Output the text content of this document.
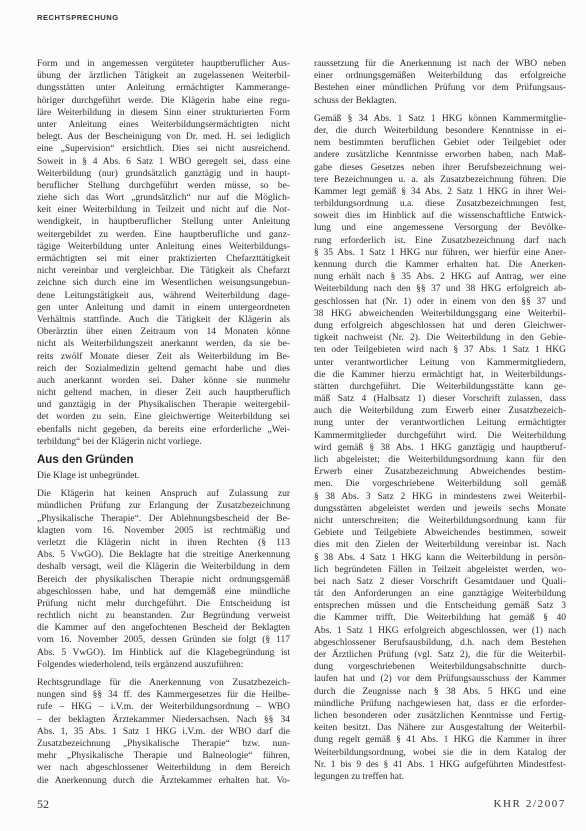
RECHTSPRECHUNG
Form und in angemessen vergüteter hauptberuflicher Aus-
übung der ärztlichen Tätigkeit an zugelassenen Weiterbil-
dungsstätten unter Anleitung ermächtigter Kammerange-
höriger durchgeführt werde. Die Klägerin habe eine regu-
läre Weiterbildung in diesem Sinn einer strukturierten Form
unter Anleitung eines Weiterbildungsermächtigten nicht
belegt. Aus der Bescheinigung von Dr. med. H. sei lediglich
eine „Supervision“ ersichtlich. Dies sei nicht ausreichend.
Soweit in § 4 Abs. 6 Satz 1 WBO geregelt sei, dass eine
Weiterbildung (nur) grundsätzlich ganztägig und in haupt-
beruflicher Stellung durchgeführt werden müsse, so be-
ziehe sich das Wort „grundsätzlich“ nur auf die Möglich-
keit einer Weiterbildung in Teilzeit und nicht auf die Not-
wendigkeit, in hauptberuflicher Stellung unter Anleitung
weitergebildet zu werden. Eine hauptberufliche und ganz-
tägige Weiterbildung unter Anleitung eines Weiterbildungs-
ermächtigten sei mit einer praktizierten Chefarzttätigkeit
nicht vereinbar und vergleichbar. Die Tätigkeit als Chefarzt
zeichne sich durch eine im Wesentlichen weisungsungebun-
dene Leitungstätigkeit aus, während Weiterbildung dage-
gen unter Anleitung und damit in einem untergeordneten
Verhältnis stattfinde. Auch die Tätigkeit der Klägerin als
Oberärztin über einen Zeitraum von 14 Monaten könne
nicht als Weiterbildungszeit anerkannt werden, da sie be-
reits zwölf Monate dieser Zeit als Weiterbildung im Be-
reich der Sozialmedizin geltend gemacht habe und dies
auch anerkannt worden sei. Daher könne sie nunmehr
nicht geltend machen, in dieser Zeit auch hauptberuflich
und ganztägig in der Physikalischen Therapie weitergebil-
det worden zu sein. Eine gleichwertige Weiterbildung sei
ebenfalls nicht gegeben, da bereits eine erforderliche „Wei-
terbildung“ bei der Klägerin nicht vorliege.
Aus den Gründen
Die Klage ist unbegründet.
Die Klägerin hat keinen Anspruch auf Zulassung zur
mündlichen Prüfung zur Erlangung der Zusatzbezeichnung
„Physikalische Therapie“. Der Ablehnungsbescheid der Be-
klagten vom 16. November 2005 ist rechtmäßig und
verletzt die Klägerin nicht in ihren Rechten (§ 113
Abs. 5 VwGO). Die Beklagte hat die streitige Anerkennung
deshalb versagt, weil die Klägerin die Weiterbildung in dem
Bereich der physikalischen Therapie nicht ordnungsgemäß
abgeschlossen habe, und hat demgemäß eine mündliche
Prüfung nicht mehr durchgeführt. Die Entscheidung ist
rechtlich nicht zu beanstanden. Zur Begründung verweist
die Kammer auf den angefochtenen Bescheid der Beklagten
vom 16. November 2005, dessen Gründen sie folgt (§ 117
Abs. 5 VwGO). Im Hinblick auf die Klagebegründung ist
Folgendes wiederholend, teils ergänzend auszuführen:
Rechtsgrundlage für die Anerkennung von Zusatzbezeich-
nungen sind §§ 34 ff. des Kammergesetzes für die Heilbe-
rufe – HKG – i.V.m. der Weiterbildungsordnung – WBO
– der beklagten Ärztekammer Niedersachsen. Nach §§ 34
Abs. 1, 35 Abs. 1 Satz 1 HKG i.V.m. der WBO darf die
Zusatzbezeichnung „Physikalische Therapie“ bzw. nun-
mehr „Physikalische Therapie und Balneologie“ führen,
wer nach abgeschlossener Weiterbildung in dem Bereich
die Anerkennung durch die Ärztekammer erhalten hat. Vo-
raussetzung für die Anerkennung ist nach der WBO neben
einer ordnungsgemäßen Weiterbildung das erfolgreiche
Bestehen einer mündlichen Prüfung vor dem Prüfungsaus-
schuss der Beklagten.
Gemäß § 34 Abs. 1 Satz 1 HKG können Kammermitglie-
der, die durch Weiterbildung besondere Kenntnisse in ei-
nem bestimmten beruflichen Gebiet oder Teilgebiet oder
andere zusätzliche Kenntnisse erworben haben, nach Maß-
gabe dieses Gesetzes neben ihrer Berufsbezeichnung wei-
tere Bezeichnungen u. a. als Zusatzbezeichnung führen. Die
Kammer legt gemäß § 34 Abs. 2 Satz 1 HKG in ihrer Wei-
terbildungsordnung u.a. diese Zusatzbezeichnungen fest,
soweit dies im Hinblick auf die wissenschaftliche Entwick-
lung und eine angemessene Versorgung der Bevölke-
rung erforderlich ist. Eine Zusatzbezeichnung darf nach
§ 35 Abs. 1 Satz 1 HKG nur führen, wer hierfür eine Aner-
kennung durch die Kammer erhalten hat. Die Anerken-
nung erhält nach § 35 Abs. 2 HKG auf Antrag, wer eine
Weiterbildung nach den §§ 37 und 38 HKG erfolgreich ab-
geschlossen hat (Nr. 1) oder in einem von den §§ 37 und
38 HKG abweichenden Weiterbildungsgang eine Weiterbil-
dung erfolgreich abgeschlossen hat und deren Gleichwer-
tigkeit nachweist (Nr. 2). Die Weiterbildung in den Gebie-
ten oder Teilgebieten wird nach § 37 Abs. 1 Satz 1 HKG
unter verantwortlicher Leitung von Kammermitgliedern,
die die Kammer hierzu ermächtigt hat, in Weiterbildungs-
stätten durchgeführt. Die Weiterbildungsstätte kann ge-
mäß Satz 4 (Halbsatz 1) dieser Vorschrift zulassen, dass
auch die Weiterbildung zum Erwerb einer Zusatzbezeich-
nung unter der verantwortlichen Leitung ermächtigter
Kammermitglieder durchgeführt wird. Die Weiterbildung
wird gemäß § 38 Abs. 1 HKG ganztägig und hauptberuf-
lich abgeleistet; die Weiterbildungsordnung kann für den
Erwerb einer Zusatzbezeichnung Abweichendes bestim-
men. Die vorgeschriebene Weiterbildung soll gemäß
§ 38 Abs. 3 Satz 2 HKG in mindestens zwei Weiterbil-
dungsstätten abgeleistet werden und jeweils sechs Monate
nicht unterschreiten; die Weiterbildungsordnung kann für
Gebiete und Teilgebiete Abweichendes bestimmen, soweit
dies mit den Zielen der Weiterbildung vereinbar ist. Nach
§ 38 Abs. 4 Satz 1 HKG kann die Weiterbildung in persön-
lich begründeten Fällen in Teilzeit abgeleistet werden, wo-
bei nach Satz 2 dieser Vorschrift Gesamtdauer und Quali-
tät den Anforderungen an eine ganztägige Weiterbildung
entsprechen müssen und die Entscheidung gemäß Satz 3
die Kammer trifft. Die Weiterbildung hat gemäß § 40
Abs. 1 Satz 1 HKG erfolgreich abgeschlossen, wer (1) nach
abgeschlossener Berufsausbildung, d.h. nach dem Bestehen
der Ärztlichen Prüfung (vgl. Satz 2), die für die Weiterbil-
dung vorgeschriebenen Weiterbildungsabschnitte durch-
laufen hat und (2) vor dem Prüfungsausschuss der Kammer
durch die Zeugnisse nach § 38 Abs. 5 HKG und eine
mündliche Prüfung nachgewiesen hat, dass er die erforder-
lichen besonderen oder zusätzlichen Kenntnisse und Fertig-
keiten besitzt. Das Nähere zur Ausgestaltung der Weiterbil-
dung regelt gemäß § 41 Abs. 1 HKG die Kammer in ihrer
Weiterbildungsordnung, wobei sie die in dem Katalog der
Nr. 1 bis 9 des § 41 Abs. 1 HKG aufgeführten Mindestfest-
legungen zu treffen hat.
52	KHR 2/2007
